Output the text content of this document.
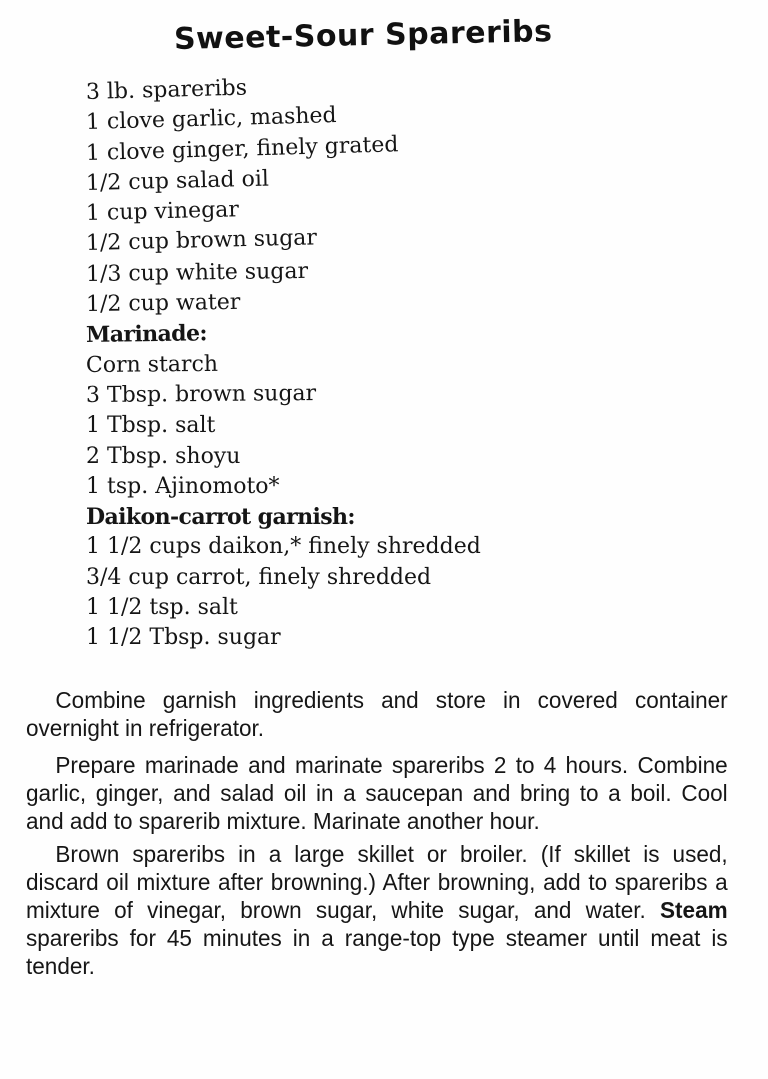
Sweet-Sour Spareribs
3 lb. spareribs
1 clove garlic, mashed
1 clove ginger, finely grated
1/2 cup salad oil
1 cup vinegar
1/2 cup brown sugar
1/3 cup white sugar
1/2 cup water
Marinade:
Corn starch
3 Tbsp. brown sugar
1 Tbsp. salt
2 Tbsp. shoyu
1 tsp. Ajinomoto*
Daikon-carrot garnish:
1 1/2 cups daikon,* finely shredded
3/4 cup carrot, finely shredded
1 1/2 tsp. salt
1 1/2 Tbsp. sugar

Combine garnish ingredients and store in covered container overnight in refrigerator.

Prepare marinade and marinate spareribs 2 to 4 hours. Combine garlic, ginger, and salad oil in a saucepan and bring to a boil. Cool and add to sparerib mixture. Marinate another hour.

Brown spareribs in a large skillet or broiler. (If skillet is used, discard oil mixture after browning.) After browning, add to spareribs a mixture of vinegar, brown sugar, white sugar, and water. Steam spareribs for 45 minutes in a range-top type steamer until meat is tender.
